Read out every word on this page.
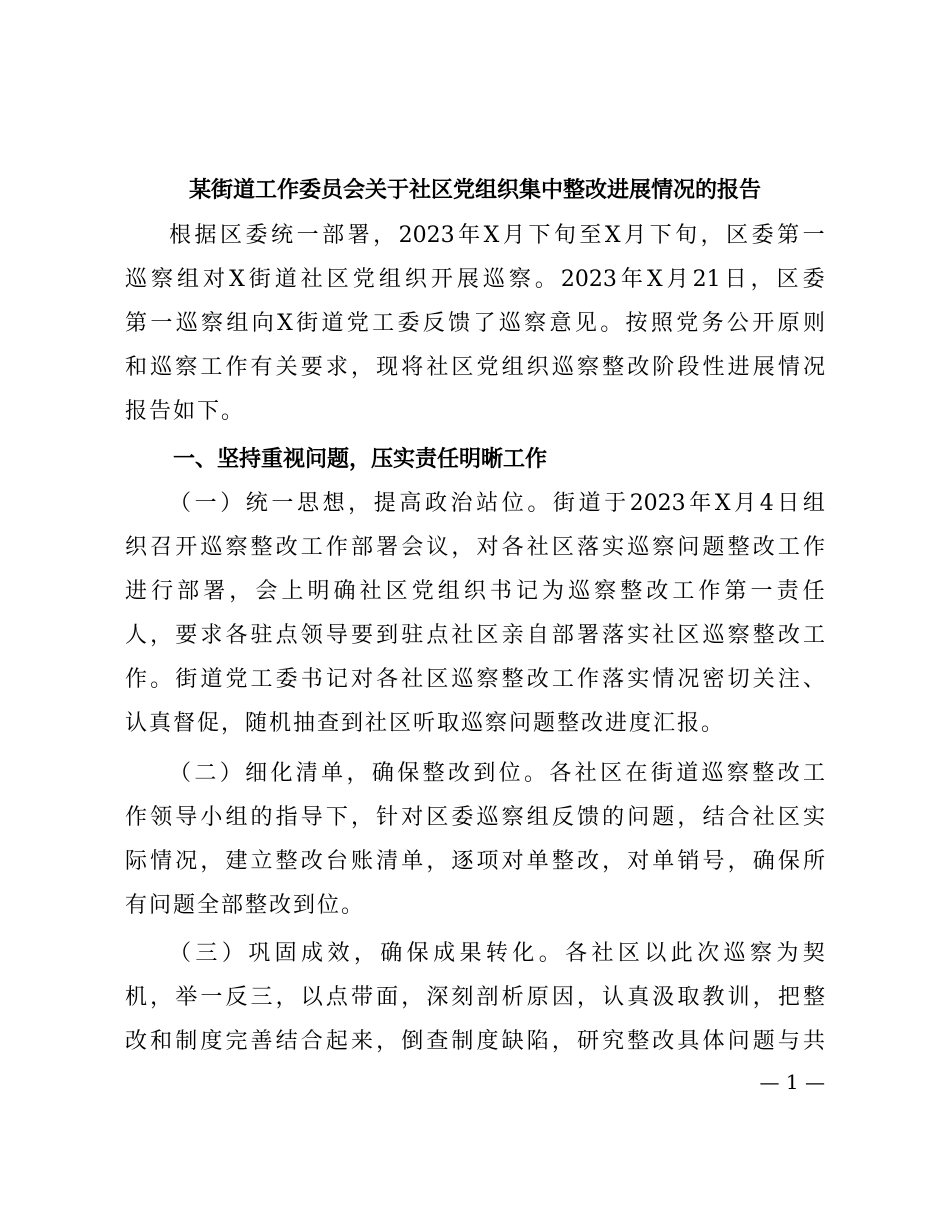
某街道工作委员会关于社区党组织集中整改进展情况的报告
根 据 区 委 统 一 部 署 ， 2023 年 X 月 下 旬 至 X 月 下 旬 ， 区 委 第 一
巡 察 组 对 X 街 道 社 区 党 组 织 开 展 巡 察 。 2023 年 X 月 21 日 ， 区 委
第 一 巡 察 组 向 X 街 道 党 工 委 反 馈 了 巡 察 意 见 。 按 照 党 务 公 开 原 则
和 巡 察 工 作 有 关 要 求 ， 现 将 社 区 党 组 织 巡 察 整 改 阶 段 性 进 展 情 况
报告如下。
一、坚持重视问题，压实责任明晰工作
（ 一 ） 统 一 思 想 ， 提 高 政 治 站 位 。 街 道 于 2023 年 X 月 4 日 组
织 召 开 巡 察 整 改 工 作 部 署 会 议 ， 对 各 社 区 落 实 巡 察 问 题 整 改 工 作
进 行 部 署 ， 会 上 明 确 社 区 党 组 织 书 记 为 巡 察 整 改 工 作 第 一 责 任
人 ， 要 求 各 驻 点 领 导 要 到 驻 点 社 区 亲 自 部 署 落 实 社 区 巡 察 整 改 工
作 。 街 道 党 工 委 书 记 对 各 社 区 巡 察 整 改 工 作 落 实 情 况 密 切 关 注 、
认真督促，随机抽查到社区听取巡察问题整改进度汇报。
（ 二 ） 细 化 清 单 ， 确 保 整 改 到 位 。 各 社 区 在 街 道 巡 察 整 改 工
作 领 导 小 组 的 指 导 下 ， 针 对 区 委 巡 察 组 反 馈 的 问 题 ， 结 合 社 区 实
际 情 况 ， 建 立 整 改 台 账 清 单 ， 逐 项 对 单 整 改 ， 对 单 销 号 ， 确 保 所
有问题全部整改到位。
（ 三 ） 巩 固 成 效 ， 确 保 成 果 转 化 。 各 社 区 以 此 次 巡 察 为 契
机 ， 举 一 反 三 ， 以 点 带 面 ， 深 刻 剖 析 原 因 ， 认 真 汲 取 教 训 ， 把 整
改 和 制 度 完 善 结 合 起 来 ， 倒 查 制 度 缺 陷 ， 研 究 整 改 具 体 问 题 与 共
— 1 —
